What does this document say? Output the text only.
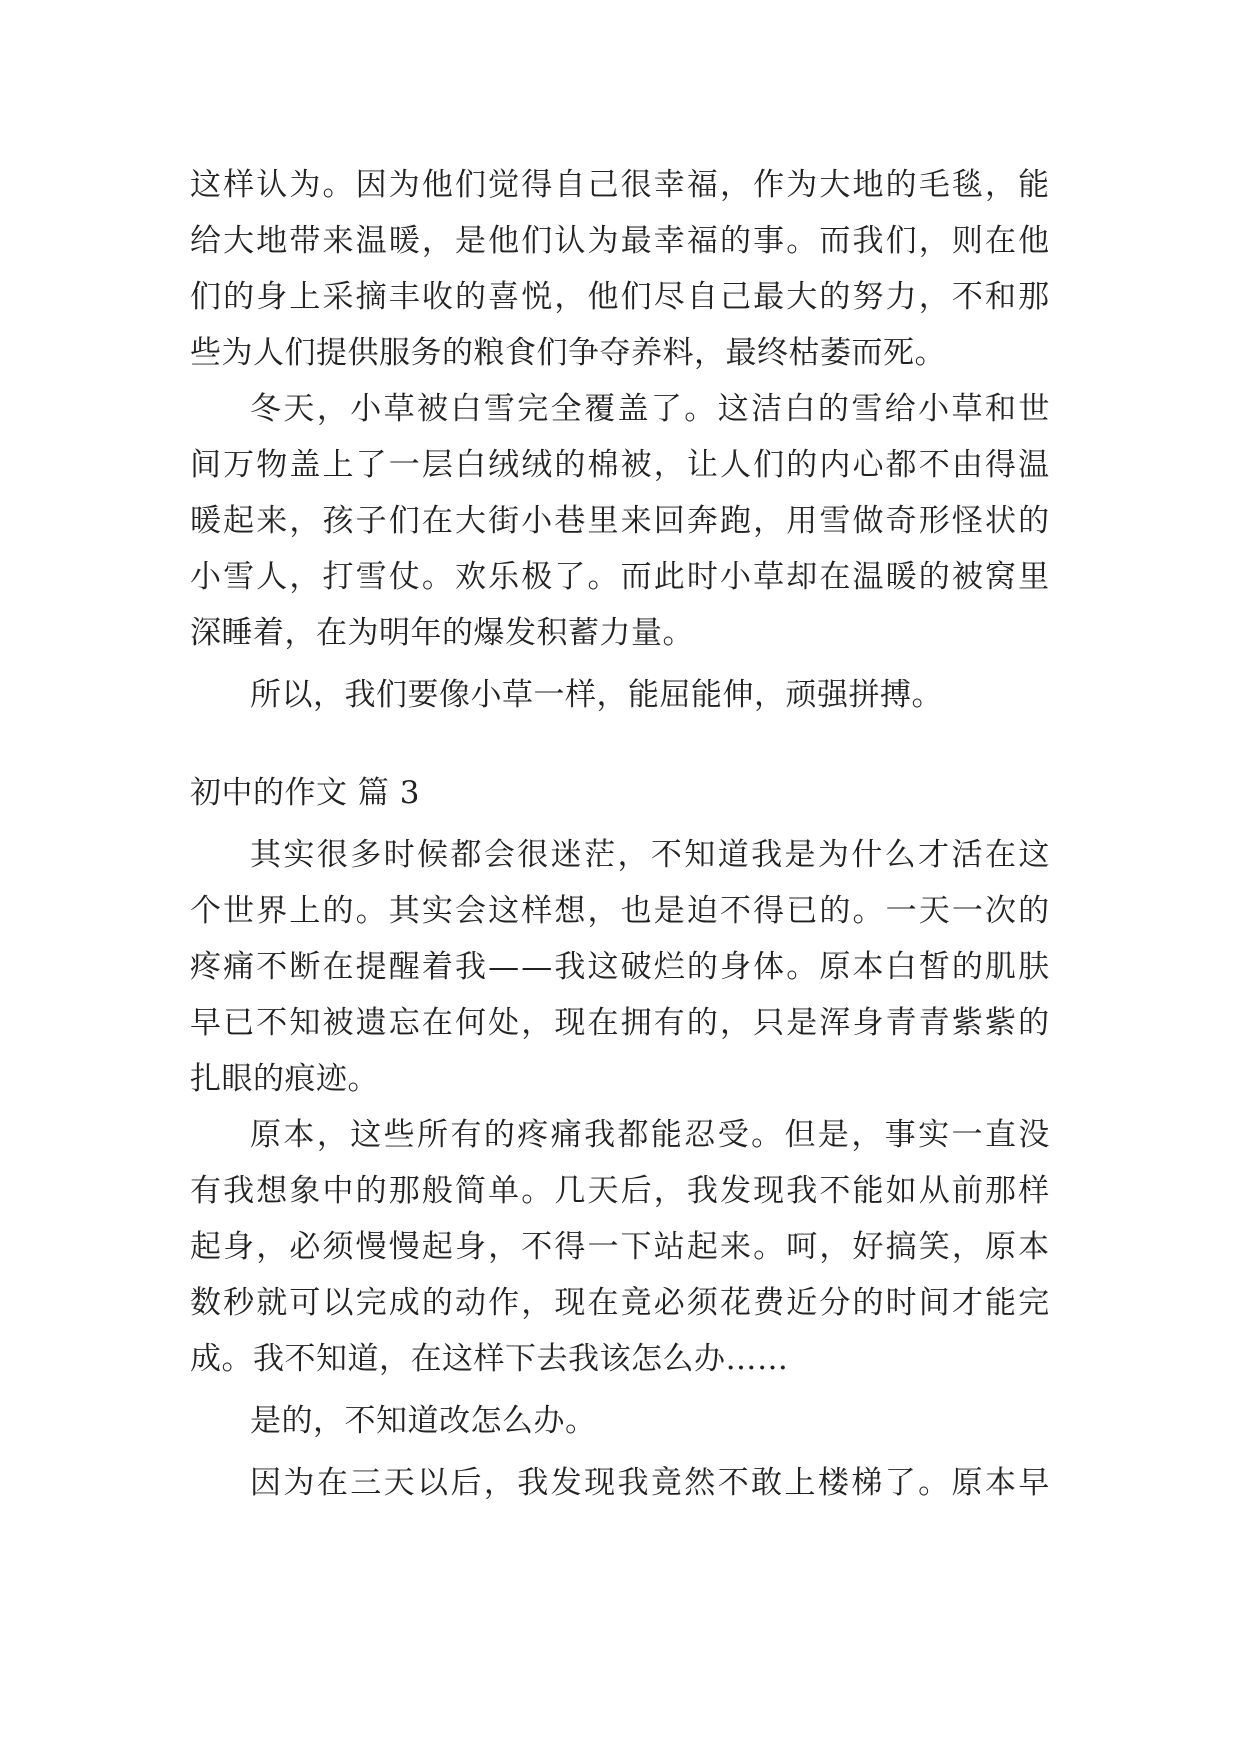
这 样 认 为 。 因 为 他 们 觉 得 自 己 很 幸 福 ， 作 为 大 地 的 毛 毯 ， 能
给 大 地 带 来 温 暖 ， 是 他 们 认 为 最 幸 福 的 事 。 而 我 们 ， 则 在 他
们 的 身 上 采 摘 丰 收 的 喜 悦 ， 他 们 尽 自 己 最 大 的 努 力 ， 不 和 那
些为人们提供服务的粮食们争夺养料，最终枯萎而死。
冬 天 ， 小 草 被 白 雪 完 全 覆 盖 了 。 这 洁 白 的 雪 给 小 草 和 世
间 万 物 盖 上 了 一 层 白 绒 绒 的 棉 被 ， 让 人 们 的 内 心 都 不 由 得 温
暖 起 来 ， 孩 子 们 在 大 街 小 巷 里 来 回 奔 跑 ， 用 雪 做 奇 形 怪 状 的
小 雪 人 ， 打 雪 仗 。 欢 乐 极 了 。 而 此 时 小 草 却 在 温 暖 的 被 窝 里
深睡着，在为明年的爆发积蓄力量。
所以，我们要像小草一样，能屈能伸，顽强拼搏。
初中的作文 篇 3
其 实 很 多 时 候 都 会 很 迷 茫 ， 不 知 道 我 是 为 什 么 才 活 在 这
个 世 界 上 的 。 其 实 会 这 样 想 ， 也 是 迫 不 得 已 的 。 一 天 一 次 的
疼 痛 不 断 在 提 醒 着 我 — — 我 这 破 烂 的 身 体 。 原 本 白 皙 的 肌 肤
早 已 不 知 被 遗 忘 在 何 处 ， 现 在 拥 有 的 ， 只 是 浑 身 青 青 紫 紫 的
扎眼的痕迹。
原 本 ， 这 些 所 有 的 疼 痛 我 都 能 忍 受 。 但 是 ， 事 实 一 直 没
有 我 想 象 中 的 那 般 简 单 。 几 天 后 ， 我 发 现 我 不 能 如 从 前 那 样
起 身 ， 必 须 慢 慢 起 身 ， 不 得 一 下 站 起 来 。 呵 ， 好 搞 笑 ， 原 本
数 秒 就 可 以 完 成 的 动 作 ， 现 在 竟 必 须 花 费 近 分 的 时 间 才 能 完
成。我不知道，在这样下去我该怎么办……
是的，不知道改怎么办。
因 为 在 三 天 以 后 ， 我 发 现 我 竟 然 不 敢 上 楼 梯 了 。 原 本 早
